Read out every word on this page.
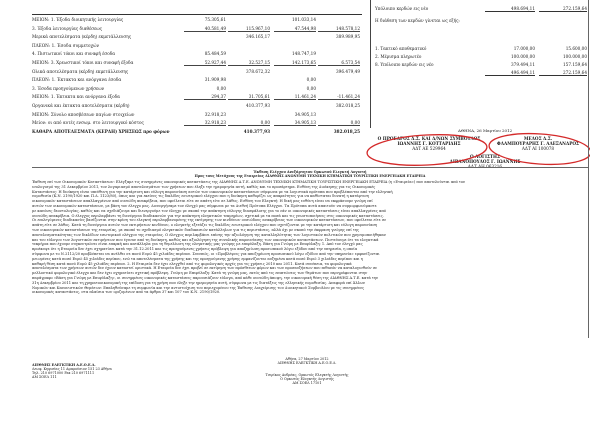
ΜΕΙΟΝ: 1. Έξοδα διοικητικής λειτουργίας	75.305,61	101.033,14
3. Έξοδα λειτουργίας διαθέσεως	40.581,49	115.967,10	47.544,98	148.578,12
Μερικά αποτελέσματα (κέρδη) εκμετάλλευσης	346.165,17	389.989,95
ΠΛΕΟΝ: 1. Έσοδα συμμετοχών
4. Πιστωτικοί τόκοι και συναφή έσοδα	85.484,59	148.747,19
ΜΕΙΟΝ: 3. Χρεωστικοί τόκοι και συναφή έξοδα	52.927,44	32.527,15	142.173,65	6.573,54
Ολικά αποτελέσματα (κέρδη) εκμετάλλευσης	378.672,32	396.479,49
ΠΛΕΟΝ: 1. Έκτακτα και ανόργανα έσοδα	31.909,98	0,00
3. Έσοδα προηγούμενων χρήσεων	0,00	0,00
ΜΕΙΟΝ: 1. Έκτακτα και ανόργανα έξοδα	294,37	31.705,61	11.461,24	-11.461,24
Οργανικά και έκτακτα αποτελέσματα (κέρδη)	410.377,93	382.018,25
ΜΕΙΟΝ: Σύνολο αποσβέσεων παγίων στοιχείων	32.918,23	34.905,13
Μείον: οι από αυτές ενσωμ. στο λειτουργικό κόστος	32.918,23	0,00	34.905,13	0,00
ΚΑΘΑΡΑ ΑΠΟΤΕΛΕΣΜΑΤΑ (ΚΕΡΔΗ) ΧΡΗΣΕΩΣ προ φόρων	410.377,93	382.018,25
Υπόλοιπο κερδών εις νέο	498.694,11	272.159,64
Η διάθεση των κερδών γίνεται ως εξής:
1. Τακτικό αποθεματικό	17.000,00	15.600,00
2. Μέρισμα πληρωτέο	100.000,00	100.000,00
8. Υπόλοιπο κερδών εις νέο	379.494,11	157.159,64
496.494,11	272.159,64
ΑΘΗΝΑ, 26 Μαρτίου 2012
Ο ΠΡΟΕΔΡΟΣ Δ.Σ. ΚΑΙ Δ/ΝΩΝ ΣΥΜΒΟΥΛΟΣ
ΙΩΑΝΝΗΣ Γ. ΚΟΤΤΑΡΙΔΗΣ
ΑΔΤ ΑΕ 529964
ΜΕΛΟΣ Δ.Σ.
ΦΛΑΜΠΟΥΡΑΡΗΣ Γ. ΑΛΕΞΑΝΔΡΟΣ
ΑΔΤ ΑΙ 100078
Ο ΛΟΓΙΣΤΗΣ
ΛΙΒΑΝΟΠΟΥΛΟΣ Γ. ΙΩΑΝΝΗΣ
ΑΔΤ ΑΗ 063216
Έκθεση Ελέγχου Ανεξάρτητου Ορκωτού Ελεγκτή Λογιστή
Προς τους Μετόχους της Εταιρείας ΔΙΑΘΝΗΣ ΑΝΩΝΥΜΗ ΤΕΧΝΙΚΗ ΚΤΗΜΑΤΙΚΗ ΤΟΥΡΙΣΤΙΚΗ ΕΝΕΡΓΕΙΑΚΗ ΕΤΑΙΡΕΙΑ
Έκθεση επί των Οικονομικών Καταστάσεων: Ελέγξαμε τις συνημμένες οικονομικές καταστάσεις της ΔΙΑΘΝΗΣ Α.Τ.Ε. ΑΝΩΝΥΜΗ ΤΕΧΝΙΚΗ ΚΤΗΜΑΤΙΚΗ ΤΟΥΡΙΣΤΙΚΗ ΕΝΕΡΓΕΙΑΚΗ ΕΤΑΙΡΕΙΑ (η «Εταιρεία») που αποτελούνται από τον
ισολογισμό της 31 Δεκεμβρίου 2011, τον λογαριασμό αποτελεσμάτων των χρήσεων που έληξε την ημερομηνία αυτή, καθώς και το προσάρτημα. Ευθύνη της Διοίκησης για τις Οικονομικές
Καταστάσεις: Η διοίκηση είναι υπεύθυνη για την κατάρτιση και εύλογη παρουσίαση αυτών των οικονομικών καταστάσεων σύμφωνα με τα λογιστικά πρότυπα που προβλέπονται από την ελληνική
νομοθεσία (Κ.Ν. 2190/1920 και Π.Δ. 1123/80), όπως και για εκείνες τις δικλίδες εσωτερικού ελέγχου που η διοίκηση καθορίζει ως απαραίτητες για να καθίσταται δυνατή η κατάρτιση
οικονομικών καταστάσεων απαλλαγμένων από ουσιώδη ανακρίβεια, που οφείλεται είτε σε απάτη είτε σε λάθος. Ευθύνη του Ελεγκτή: Η δική μας ευθύνη είναι να εκφράσουμε γνώμη επί
αυτών των οικονομικών καταστάσεων, με βάση τον έλεγχο μας. Διενεργήσαμε τον έλεγχό μας σύμφωνα με τα Διεθνή Πρότυπα Ελέγχου. Τα Πρότυπα αυτά απαιτούν να συμμορφωνόμαστε
με κανόνες δεοντολογίας, καθώς και να σχεδιάζουμε και διενεργούμε τον έλεγχο με σκοπό την απόκτηση εύλογης διασφάλισης για το εάν οι οικονομικές καταστάσεις είναι απαλλαγμένες από
ουσιώδη ανακρίβεια. Ο έλεγχος περιλαμβάνει τη διενέργεια διαδικασιών για την απόκτηση ελεγκτικών τεκμηρίων, σχετικά με τα ποσά και τις γνωστοποιήσεις στις οικονομικές καταστάσεις.
Οι επιλεγόμενες διαδικασίες βασίζονται στην κρίση του ελεγκτή περιλαμβανομένης της εκτίμησης των κινδύνων ουσιώδους ανακρίβειας των οικονομικών καταστάσεων, που οφείλεται είτε σε
απάτη είτε σε λάθος. Κατά τη διενέργεια αυτών των εκτιμήσεων κινδύνου, ο ελεγκτής εξετάζει τις δικλίδες εσωτερικού ελέγχου που σχετίζονται με την κατάρτιση και εύλογη παρουσίαση
των οικονομικών καταστάσεων της εταιρείας, με σκοπό το σχεδιασμό ελεγκτικών διαδικασιών κατάλληλων για τις περιστάσεις, αλλά όχι με σκοπό την έκφραση γνώμης επί της
αποτελεσματικότητας των δικλίδων εσωτερικού ελέγχου της εταιρείας. Ο έλεγχος περιλαμβάνει επίσης την αξιολόγηση της καταλληλότητας των λογιστικών πολιτικών που χρησιμοποιήθηκαν
και του εύλογου των λογιστικών εκτιμήσεων που έγιναν από τη διοίκηση, καθώς και αξιολόγηση της συνολικής παρουσίασης των οικονομικών καταστάσεων. Πιστεύουμε ότι τα ελεγκτικά
τεκμήρια που έχουμε συγκεντρώσει είναι επαρκή και κατάλληλα για τη θεμελίωση της ελεγκτικής μας γνώμης με επιφύλαξη. Βάση για Γνώμη με Επιφύλαξη: 1. Από τον έλεγχό μας
προέκυψε ότι η Εταιρεία δεν έχει σχηματίσει κατά την 31.12.2011 και τις προηγούμενες χρήσεις πρόβλεψη για αποζημίωση προσωπικού λόγω εξόδου από την υπηρεσία, η οποία
σύμφωνα με το Ν.2112/20 προβλέπεται να ανέλθει σε ποσό Ευρώ 45 χιλιάδες περίπου. Συνεπώς, οι «Προβλέψεις για αποζημίωση προσωπικού λόγω εξόδου από την υπηρεσία» εμφανίζονται
μειωμένες κατά ποσό Ευρώ 45 χιλιάδες περίπου, ενώ τα αποτελέσματα της χρήσης και της προηγούμενης χρήσης εμφανίζονται αυξημένα κατά ποσό Ευρώ 3 χιλιάδες περίπου και η
καθαρή θέση κατά ποσό Ευρώ 45 χιλιάδες περίπου. 2. Η Εταιρεία δεν έχει ελεγχθεί από τις φορολογικές αρχές για τις χρήσεις 2010 και 2011. Κατά συνέπεια, τα φορολογικά
αποτελέσματα των χρήσεων αυτών δεν έχουν καταστεί οριστικά. Η Εταιρεία δεν έχει προβεί σε εκτίμηση των πρόσθετων φόρων και των προσαυξήσεων που πιθανόν να καταλογισθούν σε
μελλοντικό φορολογικό έλεγχο και δεν έχει σχηματίσει σχετική πρόβλεψη. Γνώμη με Επιφύλαξη: Κατά τη γνώμη μας, εκτός από τις επιπτώσεις των θεμάτων που περιγράφονται στην
παράγραφο «Βάση για Γνώμη με Επιφύλαξη», οι συνημμένες οικονομικές καταστάσεις παρουσιάζουν εύλογα, από κάθε ουσιώδη άποψη, την οικονομική θέση της ΔΙΑΘΝΗΣ Α.Τ.Ε. κατά την
31η Δεκεμβρίου 2011 και τη χρηματοοικονομική της επίδοση για τη χρήση που έληξε την ημερομηνία αυτή, σύμφωνα με τις διατάξεις της ελληνικής νομοθεσίας. Αναφορά επί Άλλων
Νομικών και Κανονιστικών Θεμάτων: Επαληθεύσαμε τη συμφωνία και την αντιστοίχιση του περιεχομένου της Έκθεσης Διαχείρισης του Διοικητικού Συμβουλίου με τις συνημμένες
οικονομικές καταστάσεις, στα πλαίσια των οριζομένων από τα άρθρα 37 και 107 του Κ.Ν. 2190/1920.
Αθήνα, 27 Μαρτίου 2012
ΔΙΕΘΝΗΣ ΕΛΕΓΚΤΙΚΗ Α.Ε.Ο.Ε.Λ.
Τσιρίκος Ανδρέας, Ορκωτός Ελεγκτής Λογιστής
Ο Ορκωτός Ελεγκτής Λογιστής
ΑΜ ΣΟΕΛ 17101
ΔΙΕΘΝΗΣ ΕΛΕΓΚΤΙΚΗ Α.Ε.Ο.Ε.Λ.
Λεωφ. Κηφισίας 11 Αμαρούσιον 151 23 Αθήνα
Τηλ. 210 6971000 Fax 210 6971111
ΑΜ ΣΟΕΛ 111
